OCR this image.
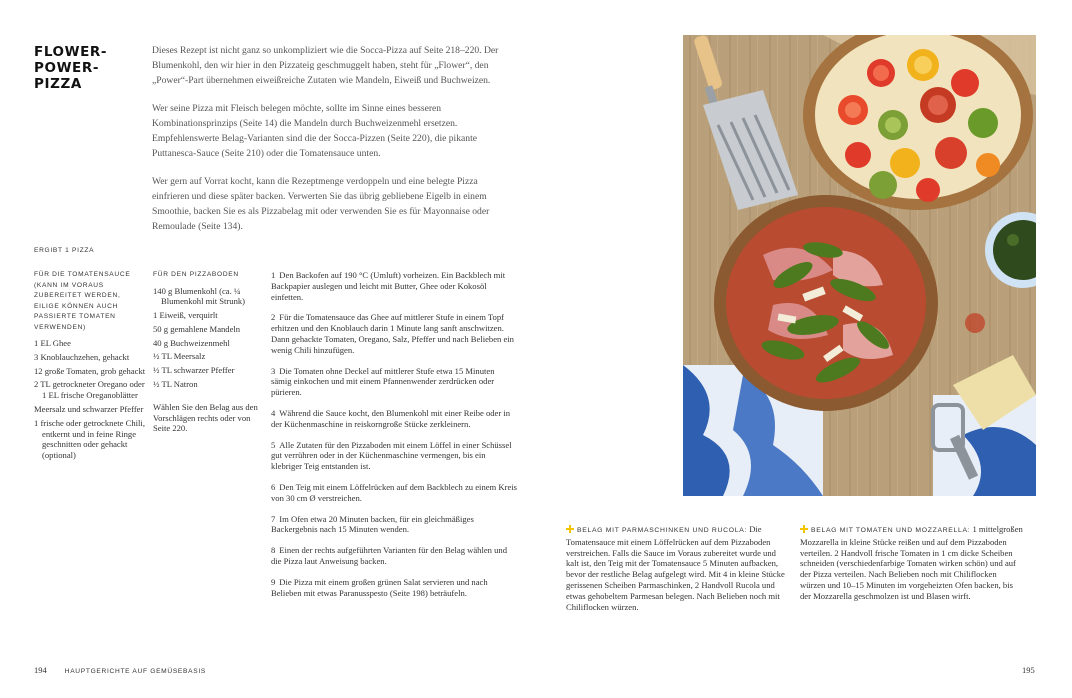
FLOWER-
POWER-
PIZZA

Dieses Rezept ist nicht ganz so unkompliziert wie die Socca-Pizza auf Seite 218–220. Der Blumenkohl, den wir hier in den Pizzateig geschmuggelt haben, steht für „Flower“, den „Power“-Part übernehmen eiweißreiche Zutaten wie Mandeln, Eiweiß und Buchweizen.

Wer seine Pizza mit Fleisch belegen möchte, sollte im Sinne eines besseren Kombinationsprinzips (Seite 14) die Mandeln durch Buchweizenmehl ersetzen. Empfehlenswerte Belag-Varianten sind die der Socca-Pizzen (Seite 220), die pikante Puttanesca-Sauce (Seite 210) oder die Tomatensauce unten.

Wer gern auf Vorrat kocht, kann die Rezeptmenge verdoppeln und eine belegte Pizza einfrieren und diese später backen. Verwerten Sie das übrig gebliebene Eigelb in einem Smoothie, backen Sie es als Pizzabelag mit oder verwenden Sie es für Mayonnaise oder Remoulade (Seite 134).

ERGIBT 1 PIZZA
FÜR DIE TOMATENSAUCE (KANN IM VORAUS ZUBEREITET WERDEN, EILIGE KÖNNEN AUCH PASSIERTE TOMATEN VERWENDEN)
1 EL Ghee
3 Knoblauchzehen, gehackt
12 große Tomaten, grob gehackt
2 TL getrockneter Oregano oder 1 EL frische Oreganoblätter
Meersalz und schwarzer Pfeffer
1 frische oder getrocknete Chili, entkernt und in feine Ringe geschnitten oder gehackt (optional)
FÜR DEN PIZZABODEN
140 g Blumenkohl (ca. ¼ Blumenkohl mit Strunk)
1 Eiweiß, verquirlt
50 g gemahlene Mandeln
40 g Buchweizenmehl
½ TL Meersalz
½ TL schwarzer Pfeffer
½ TL Natron
Wählen Sie den Belag aus den Vorschlägen rechts oder von Seite 220.

1 Den Backofen auf 190 °C (Umluft) vorheizen. Ein Backblech mit Backpapier auslegen und leicht mit Butter, Ghee oder Kokosöl einfetten.

2 Für die Tomatensauce das Ghee auf mittlerer Stufe in einem Topf erhitzen und den Knoblauch darin 1 Minute lang sanft anschwitzen. Dann gehackte Tomaten, Oregano, Salz, Pfeffer und nach Belieben ein wenig Chili hinzufügen.

3 Die Tomaten ohne Deckel auf mittlerer Stufe etwa 15 Minuten sämig einkochen und mit einem Pfannenwender zerdrücken oder pürieren.

4 Während die Sauce kocht, den Blumenkohl mit einer Reibe oder in der Küchenmaschine in reiskorngroße Stücke zerkleinern.

5 Alle Zutaten für den Pizzaboden mit einem Löffel in einer Schüssel gut verrühren oder in der Küchenmaschine vermengen, bis ein klebriger Teig entstanden ist.

6 Den Teig mit einem Löffelrücken auf dem Backblech zu einem Kreis von 30 cm Ø verstreichen.

7 Im Ofen etwa 20 Minuten backen, für ein gleichmäßiges Backergebnis nach 15 Minuten wenden.

8 Einen der rechts aufgeführten Varianten für den Belag wählen und die Pizza laut Anweisung backen.

9 Die Pizza mit einem großen grünen Salat servieren und nach Belieben mit etwas Paranusspesto (Seite 198) beträufeln.

194	HAUPTGERICHTE AUF GEMÜSEBASIS	195
BELAG MIT PARMASCHINKEN UND RUCOLA: Die Tomatensauce mit einem Löffelrücken auf dem Pizzaboden verstreichen. Falls die Sauce im Voraus zubereitet wurde und kalt ist, den Teig mit der Tomatensauce 5 Minuten aufbacken, bevor der restliche Belag aufgelegt wird. Mit 4 in kleine Stücke gerissenen Scheiben Parmaschinken, 2 Handvoll Rucola und etwas gehobeltem Parmesan belegen. Nach Belieben noch mit Chiliflocken würzen.
BELAG MIT TOMATEN UND MOZZARELLA: 1 mittelgroßen Mozzarella in kleine Stücke reißen und auf dem Pizzaboden verteilen. 2 Handvoll frische Tomaten in 1 cm dicke Scheiben schneiden (verschiedenfarbige Tomaten wirken schön) und auf der Pizza verteilen. Nach Belieben noch mit Chiliflocken würzen und 10–15 Minuten im vorgeheizten Ofen backen, bis der Mozzarella geschmolzen ist und Blasen wirft.
